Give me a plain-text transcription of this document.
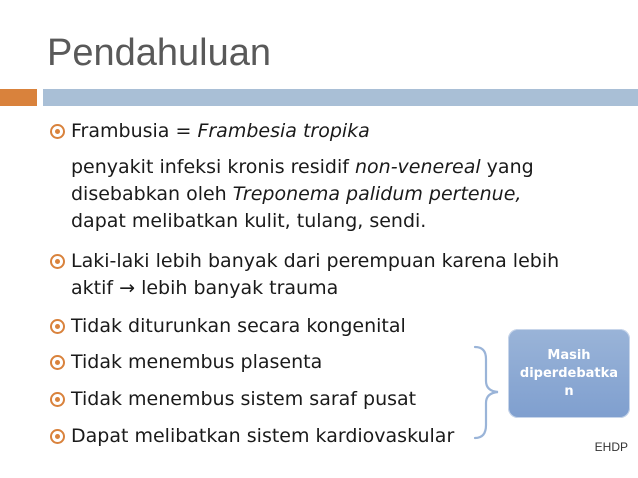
Pendahuluan
Frambusia = Frambesia tropika
penyakit infeksi kronis residif non-venereal yang
disebabkan oleh Treponema palidum pertenue,
dapat melibatkan kulit, tulang, sendi.
Laki-laki lebih banyak dari perempuan karena lebih
aktif → lebih banyak trauma
Tidak diturunkan secara kongenital
Tidak menembus plasenta
Tidak menembus sistem saraf pusat
Dapat melibatkan sistem kardiovaskular
Masih
diperdebatka
n
EHDP
